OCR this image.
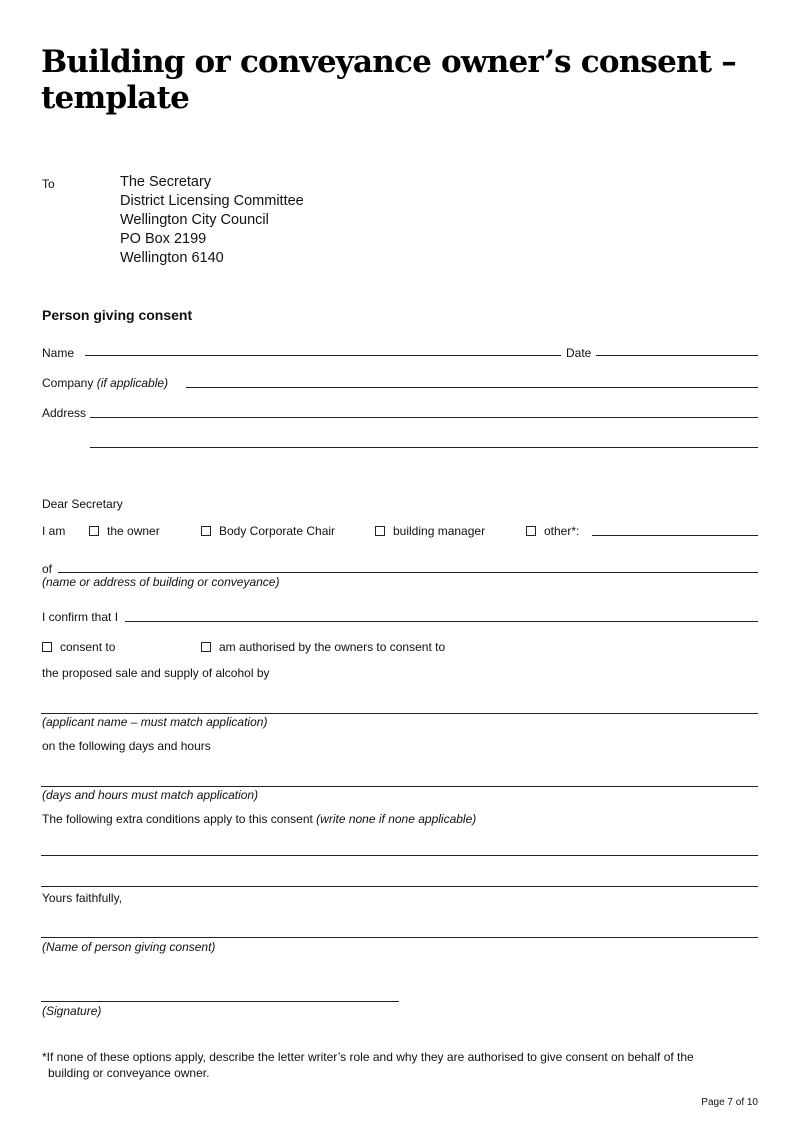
Building or conveyance owner’s consent – template
To	The Secretary
District Licensing Committee
Wellington City Council
PO Box 2199
Wellington 6140
Person giving consent
Name	Date
Company (if applicable)
Address
Dear Secretary
I am	the owner	Body Corporate Chair	building manager	other*:
of
(name or address of building or conveyance)
I confirm that I
consent to	am authorised by the owners to consent to
the proposed sale and supply of alcohol by
(applicant name – must match application)
on the following days and hours
(days and hours must match application)
The following extra conditions apply to this consent (write none if none applicable)
Yours faithfully,
(Name of person giving consent)
(Signature)
*If none of these options apply, describe the letter writer’s role and why they are authorised to give consent on behalf of the
building or conveyance owner.
Page 7 of 10
